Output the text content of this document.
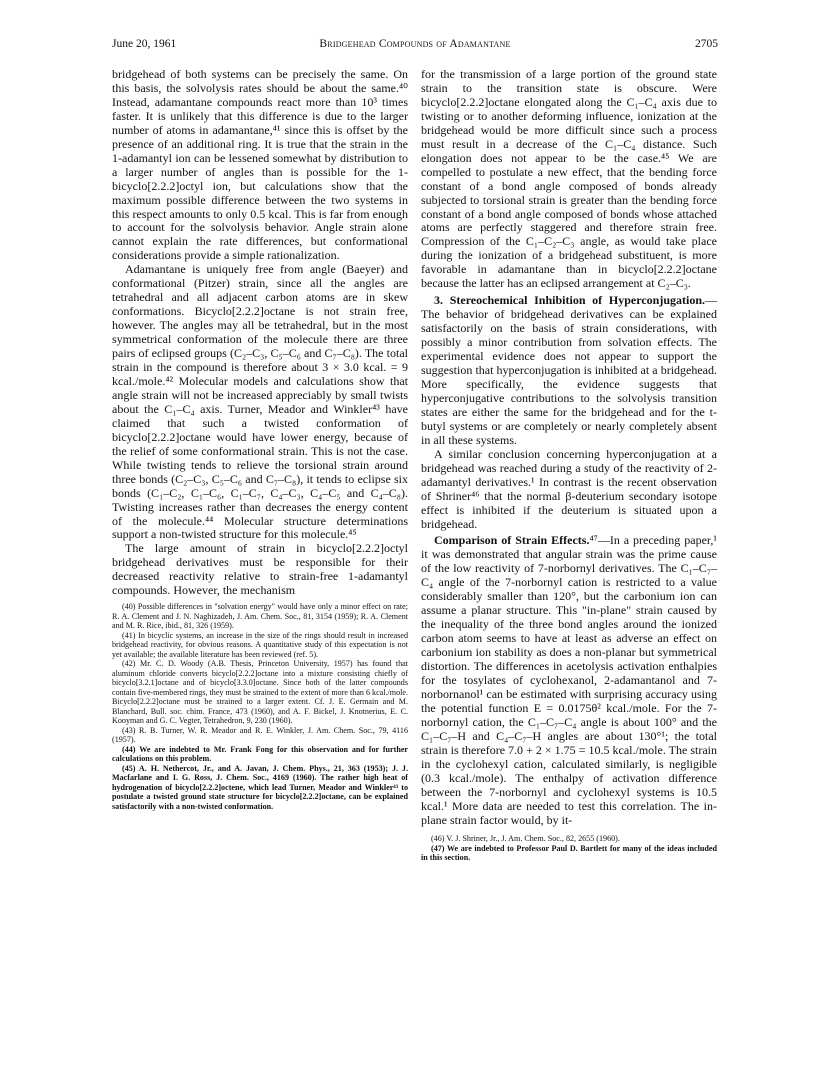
June 20, 1961	Bridgehead Compounds of Adamantane	2705

bridgehead of both systems can be precisely the same. On this basis, the solvolysis rates should be about the same.⁴⁰ Instead, adamantane compounds react more than 10³ times faster. It is unlikely that this difference is due to the larger number of atoms in adamantane,⁴¹ since this is offset by the presence of an additional ring. It is true that the strain in the 1-adamantyl ion can be lessened somewhat by distribution to a larger number of angles than is possible for the 1-bicyclo[2.2.2]octyl ion, but calculations show that the maximum possible difference between the two systems in this respect amounts to only 0.5 kcal. This is far from enough to account for the solvolysis behavior. Angle strain alone cannot explain the rate differences, but conformational considerations provide a simple rationalization.

Adamantane is uniquely free from angle (Baeyer) and conformational (Pitzer) strain, since all the angles are tetrahedral and all adjacent carbon atoms are in skew conformations. Bicyclo[2.2.2]octane is not strain free, however. The angles may all be tetrahedral, but in the most symmetrical conformation of the molecule there are three pairs of eclipsed groups (C₂–C₃, C₅–C₆ and C₇–C₈). The total strain in the compound is therefore about 3 × 3.0 kcal. = 9 kcal./mole.⁴² Molecular models and calculations show that angle strain will not be increased appreciably by small twists about the C₁–C₄ axis. Turner, Meador and Winkler⁴³ have claimed that such a twisted conformation of bicyclo[2.2.2]octane would have lower energy, because of the relief of some conformational strain. This is not the case. While twisting tends to relieve the torsional strain around three bonds (C₂–C₃, C₅–C₆ and C₇–C₈), it tends to eclipse six bonds (C₁–C₂, C₁–C₆, C₁–C₇, C₄–C₃, C₄–C₅ and C₄–C₈). Twisting increases rather than decreases the energy content of the molecule.⁴⁴ Molecular structure determinations support a non-twisted structure for this molecule.⁴⁵

The large amount of strain in bicyclo[2.2.2]octyl bridgehead derivatives must be responsible for their decreased reactivity relative to strain-free 1-adamantyl compounds. However, the mechanism

(40) Possible differences in "solvation energy" would have only a minor effect on rate; R. A. Clement and J. N. Naghizadeh, J. Am. Chem. Soc., 81, 3154 (1959); R. A. Clement and M. R. Rice, ibid., 81, 326 (1959).

(41) In bicyclic systems, an increase in the size of the rings should result in increased bridgehead reactivity, for obvious reasons. A quantitative study of this expectation is not yet available; the available literature has been reviewed (ref. 5).

(42) Mr. C. D. Woody (A.B. Thesis, Princeton University, 1957) has found that aluminum chloride converts bicyclo[2.2.2]octane into a mixture consisting chiefly of bicyclo[3.2.1]octane and of bicyclo[3.3.0]octane. Since both of the latter compounds contain five-membered rings, they must be strained to the extent of more than 6 kcal./mole. Bicyclo[2.2.2]octane must be strained to a larger extent. Cf. J. E. Germain and M. Blanchard, Bull. soc. chim. France, 473 (1960), and A. F. Bickel, J. Knotnerius, E. C. Kooyman and G. C. Vegter, Tetrahedron, 9, 230 (1960).

(43) R. B. Turner, W. R. Meador and R. E. Winkler, J. Am. Chem. Soc., 79, 4116 (1957).

(44) We are indebted to Mr. Frank Fong for this observation and for further calculations on this problem.

(45) A. H. Nethercot, Jr., and A. Javan, J. Chem. Phys., 21, 363 (1953); J. J. Macfarlane and I. G. Ross, J. Chem. Soc., 4169 (1960). The rather high heat of hydrogenation of bicyclo[2.2.2]octene, which lead Turner, Meador and Winkler⁴³ to postulate a twisted ground state structure for bicyclo[2.2.2]octane, can be explained satisfactorily with a non-twisted conformation.

for the transmission of a large portion of the ground state strain to the transition state is obscure. Were bicyclo[2.2.2]octane elongated along the C₁–C₄ axis due to twisting or to another deforming influence, ionization at the bridgehead would be more difficult since such a process must result in a decrease of the C₁–C₄ distance. Such elongation does not appear to be the case.⁴⁵ We are compelled to postulate a new effect, that the bending force constant of a bond angle composed of bonds already subjected to torsional strain is greater than the bending force constant of a bond angle composed of bonds whose attached atoms are perfectly staggered and therefore strain free. Compression of the C₁–C₂–C₃ angle, as would take place during the ionization of a bridgehead substituent, is more favorable in adamantane than in bicyclo[2.2.2]octane because the latter has an eclipsed arrangement at C₂–C₃.

3. Stereochemical Inhibition of Hyperconjugation.—The behavior of bridgehead derivatives can be explained satisfactorily on the basis of strain considerations, with possibly a minor contribution from solvation effects. The experimental evidence does not appear to support the suggestion that hyperconjugation is inhibited at a bridgehead. More specifically, the evidence suggests that hyperconjugative contributions to the solvolysis transition states are either the same for the bridgehead and for the t-butyl systems or are completely or nearly completely absent in all these systems.

A similar conclusion concerning hyperconjugation at a bridgehead was reached during a study of the reactivity of 2-adamantyl derivatives.¹ In contrast is the recent observation of Shriner⁴⁶ that the normal β-deuterium secondary isotope effect is inhibited if the deuterium is situated upon a bridgehead.

Comparison of Strain Effects.⁴⁷—In a preceding paper,¹ it was demonstrated that angular strain was the prime cause of the low reactivity of 7-norbornyl derivatives. The C₁–C₇–C₄ angle of the 7-norbornyl cation is restricted to a value considerably smaller than 120°, but the carbonium ion can assume a planar structure. This "in-plane" strain caused by the inequality of the three bond angles around the ionized carbon atom seems to have at least as adverse an effect on carbonium ion stability as does a non-planar but symmetrical distortion. The differences in acetolysis activation enthalpies for the tosylates of cyclohexanol, 2-adamantanol and 7-norbornanol¹ can be estimated with surprising accuracy using the potential function E = 0.0175θ² kcal./mole. For the 7-norbornyl cation, the C₁–C₇–C₄ angle is about 100° and the C₁–C₇–H and C₄–C₇–H angles are about 130°¹; the total strain is therefore 7.0 + 2 × 1.75 = 10.5 kcal./mole. The strain in the cyclohexyl cation, calculated similarly, is negligible (0.3 kcal./mole). The enthalpy of activation difference between the 7-norbornyl and cyclohexyl systems is 10.5 kcal.¹ More data are needed to test this correlation. The in-plane strain factor would, by it-

(46) V. J. Shriner, Jr., J. Am. Chem. Soc., 82, 2655 (1960).

(47) We are indebted to Professor Paul D. Bartlett for many of the ideas included in this section.
